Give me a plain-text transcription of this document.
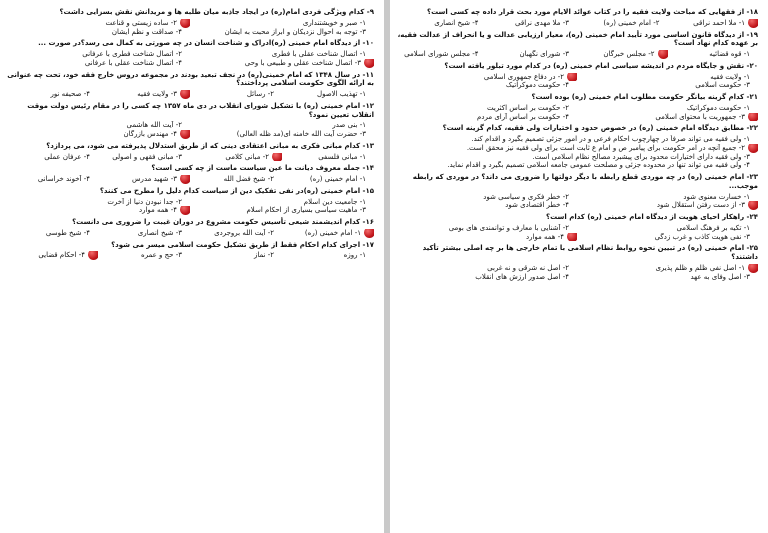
۱۸- از فقهایی که مباحث ولایت فقیه را در کتاب عوائد الایام مورد بحث قرار داده چه کسی است؟

۱- ملا احمد نراقی
۲- امام خمینی (ره)
۳- ملا مهدی نراقی
۴- شیخ انصاری

۱۹- از دیدگاه قانون اساسی مورد تأیید امام خمینی (ره)، معیار ارزیابی عدالت و یا انحراف از عدالت فقیه، بر عهده کدام نهاد است؟

۱- قوه قضائیه
۲- مجلس خبرگان
۳- شورای نگهبان
۴- مجلس شورای اسلامی

۲۰- نقش و جایگاه مردم در اندیشه سیاسی امام خمینی (ره) در کدام مورد تبلور یافته است؟

۱- ولایت فقیه
۲- در دفاع جمهوری اسلامی
۳- حکومت اسلامی
۴- حکومت دموکراتیک

۲۱- کدام گزینه بیانگر حکومت مطلوب امام خمینی (ره) بوده است؟

۱- حکومت دموکراتیک
۲- حکومت بر اساس اکثریت
۳- جمهوریت با محتوای اسلامی
۴- حکومت بر اساس آرای مردم

۲۲- مطابق دیدگاه امام خمینی (ره) در خصوص حدود و اختیارات ولی فقیه، کدام گزینه است؟

۱- ولی فقیه می تواند صرفاً در چهارچوب احکام فرعی و در امور جزئی تصمیم بگیرد و اقدام کند.
۲- جمیع آنچه در امر حکومت برای پیامبر ص و امام ع ثابت است برای ولی فقیه نیز محقق است.
۳- ولی فقیه دارای اختیارات محدود برای پیشبرد مصالح نظام اسلامی است.
۴- ولی فقیه می تواند تنها در محدوده جزئی و مصلحت عمومی جامعه اسلامی تصمیم بگیرد و اقدام نماید.

۲۳- امام خمینی (ره) در چه موردی قطع رابطه با دیگر دولتها را ضروری می داند؟ در موردی که رابطه موجب...

۱- خسارت معنوی شود
۲- خطر فکری و سیاسی شود
۳- از دست رفتن استقلال شود
۴- خطر اقتصادی شود

۲۴- راهکار احیای هویت از دیدگاه امام خمینی (ره) کدام است؟

۱- تکیه بر فرهنگ اسلامی
۲- آشنایی با معارف و توانمندی های بومی
۳- نفی هویت کاذب و غرب زدگی
۴- همه موارد

۲۵- امام خمینی (ره) در تبیین نحوه روابط نظام اسلامی با تمام خارجی ها بر چه اصلی بیشتر تأکید داشتند؟

۱- اصل نفی ظلم و ظلم پذیری
۲- اصل نه شرقی و نه غربی
۳- اصل وفای به عهد
۴- اصل صدور ارزش های انقلاب

۹- کدام ویژگی فردی امام(ره) در ایجاد جاذبه میان طلبه ها و مریدانش نقش بسزایی داشت؟

۱- صبر و خویشتنداری
۲- ساده زیستی و قناعت
۳- توجه به احوال نزدیکان و ابراز محبت به ایشان
۴- صداقت و نظم ایشان

۱۰- از دیدگاه امام خمینی (ره)ادراک و شناخت انسان در چه صورتی به کمال می رسد؟در صورت ...

۱- اتصال شناخت عقلی با فطری
۲- اتصال شناخت فطری با عرفانی
۳- اتصال شناخت عقلی و طبیعی با وحی
۴- اتصال شناخت عقلی با عرفانی

۱۱- در سال ۱۳۴۸ که امام خمینی(ره) در نجف تبعید بودند در مجموعه دروس خارج فقه خود، تحت چه عنوانی به ارائه الگوی حکومت اسلامی پرداختند؟

۱- تهذیب الاصول
۲- رسائل
۳- ولایت فقیه
۴- صحیفه نور

۱۲- امام خمینی (ره) با تشکیل شورای انقلاب در دی ماه ۱۳۵۷ چه کسی را در مقام رئیس دولت موقت انقلاب تعیین نمود؟

۱- بنی صدر
۲- آیت الله هاشمی
۳- حضرت آیت الله خامنه ای(مد ظله العالی)
۴- مهندس بازرگان

۱۳- کدام مبانی فکری به مبانی اعتقادی دینی که از طریق استدلال پذیرفته می شود، می پردازد؟

۱- مبانی فلسفی
۲- مبانی کلامی
۳- مبانی فقهی و اصولی
۴- عرفان عملی

۱۴- جمله معروف دیانت ما عین سیاست ماست از چه کسی است؟

۱- امام خمینی (ره)
۲- شیخ فضل الله
۳- شهید مدرس
۴- آخوند خراسانی

۱۵- امام خمینی (ره)در نفی تفکیک دین از سیاست کدام دلیل را مطرح می کنند؟

۱- جامعیت دین اسلام
۲- جدا نبودن دنیا از آخرت
۳- ماهیت سیاسی بسیاری از احکام اسلام
۴- همه موارد

۱۶- کدام اندیشمند شیعی تأسیس حکومت مشروع در دوران غیبت را ضروری می دانست؟

۱- امام خمینی (ره)
۲- آیت الله بروجردی
۳- شیخ انصاری
۴- شیخ طوسی

۱۷- اجرای کدام احکام فقط از طریق تشکیل حکومت اسلامی میسر می شود؟

۱- روزه
۲- نماز
۳- حج و عمره
۴- احکام قضایی
